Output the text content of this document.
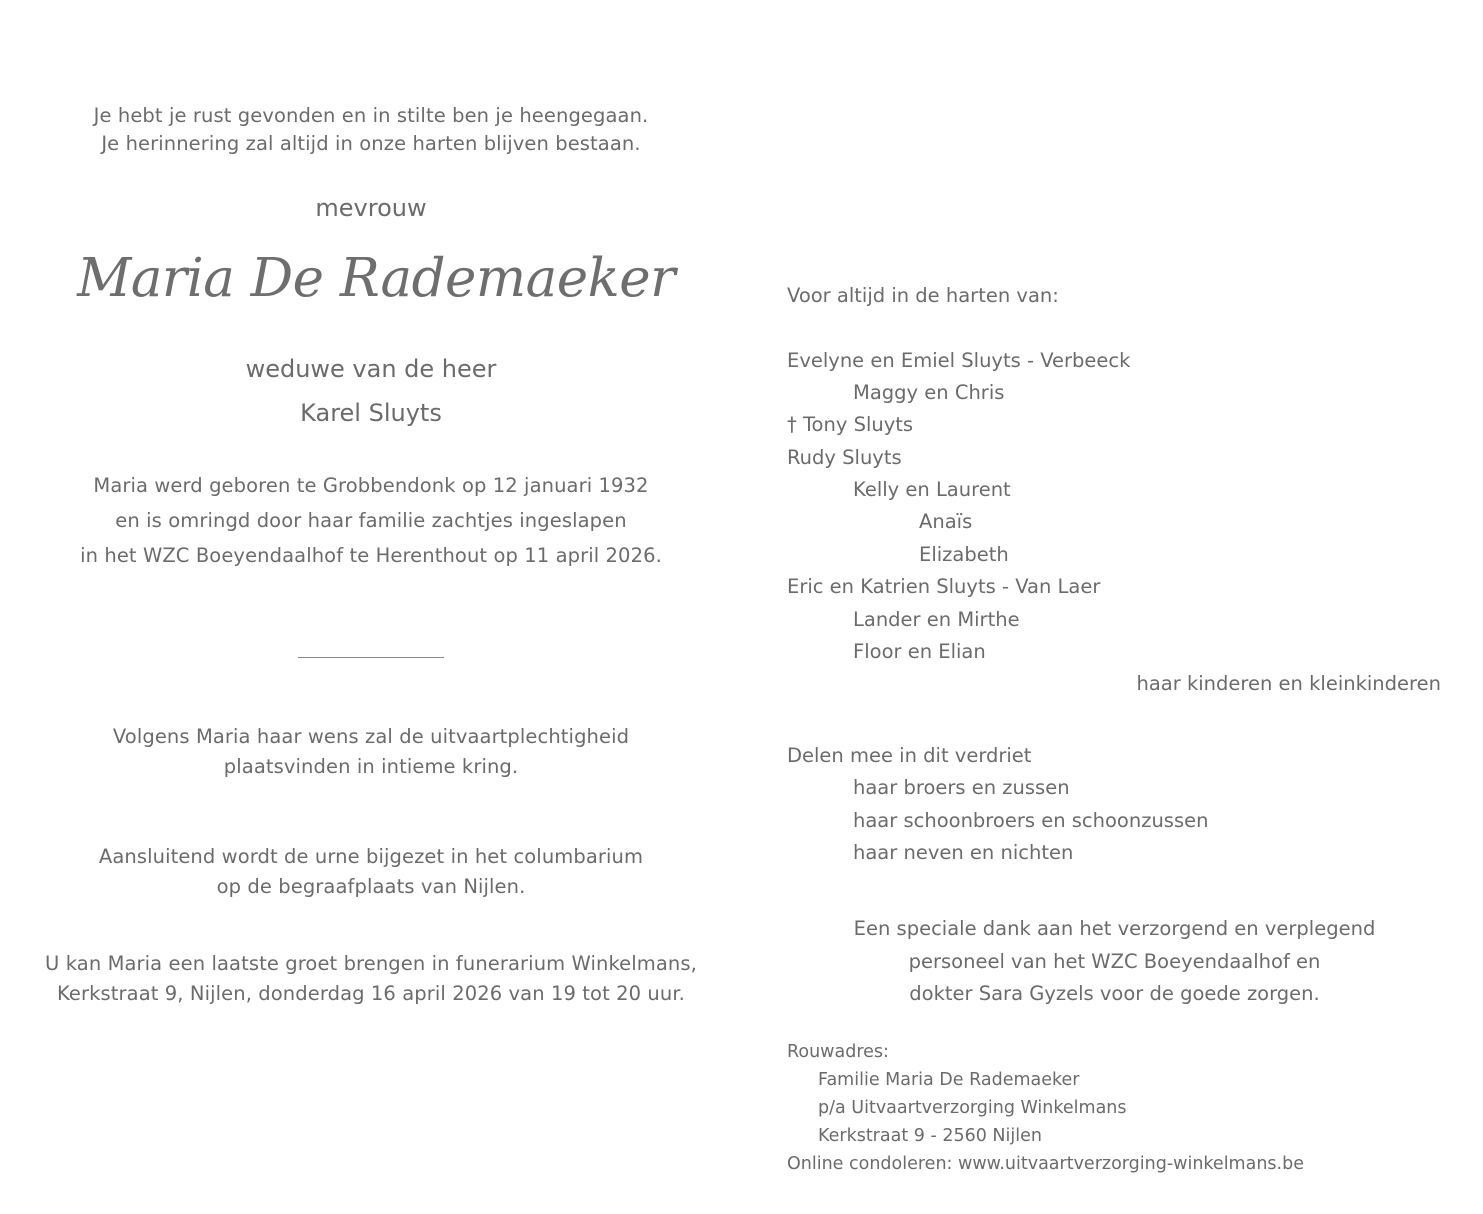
Je hebt je rust gevonden en in stilte ben je heengegaan.
Je herinnering zal altijd in onze harten blijven bestaan.
mevrouw
Maria De Rademaeker
weduwe van de heer
Karel Sluyts
Maria werd geboren te Grobbendonk op 12 januari 1932
en is omringd door haar familie zachtjes ingeslapen
in het WZC Boeyendaalhof te Herenthout op 11 april 2026.
Volgens Maria haar wens zal de uitvaartplechtigheid
plaatsvinden in intieme kring.
Aansluitend wordt de urne bijgezet in het columbarium
op de begraafplaats van Nijlen.
U kan Maria een laatste groet brengen in funerarium Winkelmans,
Kerkstraat 9, Nijlen, donderdag 16 april 2026 van 19 tot 20 uur.
Voor altijd in de harten van:
Evelyne en Emiel Sluyts - Verbeeck
Maggy en Chris
† Tony Sluyts
Rudy Sluyts
Kelly en Laurent
Anaïs
Elizabeth
Eric en Katrien Sluyts - Van Laer
Lander en Mirthe
Floor en Elian
haar kinderen en kleinkinderen
Delen mee in dit verdriet
haar broers en zussen
haar schoonbroers en schoonzussen
haar neven en nichten
Een speciale dank aan het verzorgend en verplegend
personeel van het WZC Boeyendaalhof en
dokter Sara Gyzels voor de goede zorgen.
Rouwadres:
Familie Maria De Rademaeker
p/a Uitvaartverzorging Winkelmans
Kerkstraat 9 - 2560 Nijlen
Online condoleren: www.uitvaartverzorging-winkelmans.be
